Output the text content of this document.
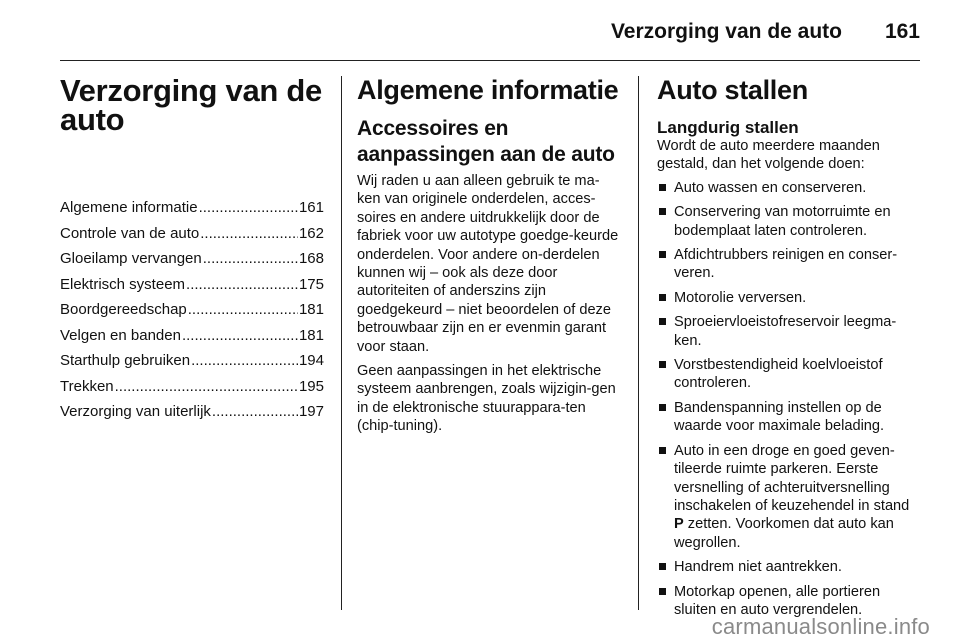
Verzorging van de auto 161
Verzorging van de
auto
Algemene informatie .....	161
Controle van de auto .....	162
Gloeilamp vervangen .....	168
Elektrisch systeem .....	175
Boordgereedschap .....	181
Velgen en banden .....	181
Starthulp gebruiken .....	194
Trekken .....	195
Verzorging van uiterlijk .....	197
Algemene informatie
Accessoires en
aanpassingen aan de auto

Wij raden u aan alleen gebruik te ma-ken van originele onderdelen, acces-soires en andere uitdrukkelijk door de fabriek voor uw autotype goedge-keurde onderdelen. Voor andere on-derdelen kunnen wij – ook als deze door autoriteiten of anderszins zijn goedgekeurd – niet beoordelen of deze betrouwbaar zijn en er evenmin garant voor staan.

Geen aanpassingen in het elektrische systeem aanbrengen, zoals wijzigin-gen in de elektronische stuurappara-ten (chip-tuning).

Auto stallen
Langdurig stallen

Wordt de auto meerdere maanden gestald, dan het volgende doen:

Auto wassen en conserveren.
Conservering van motorruimte en bodemplaat laten controleren.
Afdichtrubbers reinigen en conser-veren.
Motorolie verversen.
Sproeiervloeistofreservoir leegma-ken.
Vorstbestendigheid koelvloeistof controleren.
Bandenspanning instellen op de waarde voor maximale belading.
Auto in een droge en goed geven-tileerde ruimte parkeren. Eerste versnelling of achteruitversnelling inschakelen of keuzehendel in stand P zetten. Voorkomen dat auto kan wegrollen.
Handrem niet aantrekken.
Motorkap openen, alle portieren sluiten en auto vergrendelen.
carmanualsonline.info
